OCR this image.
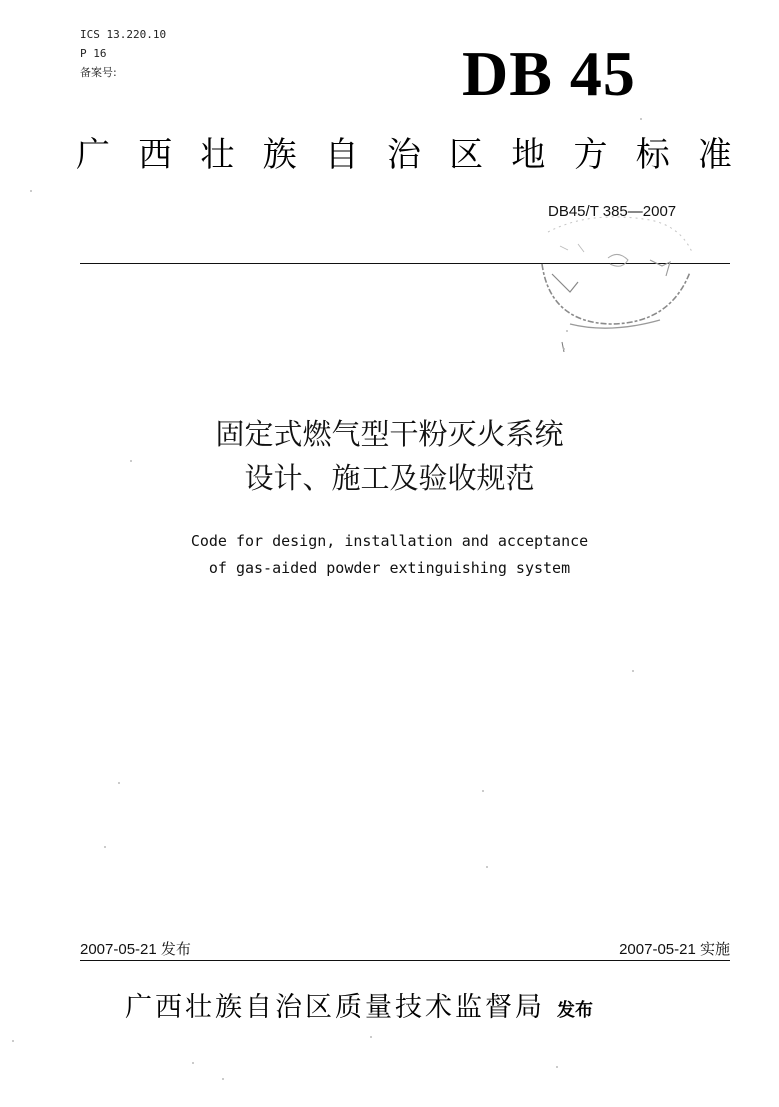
ICS 13.220.10
P 16
备案号:	DB 45
广 西 壮 族 自 治 区 地 方 标 准
DB45/T 385—2007
固定式燃气型干粉灭火系统
设计、施工及验收规范
Code for design, installation and acceptance
of gas-aided powder extinguishing system
2007-05-21 发布	2007-05-21 实施
广西壮族自治区质量技术监督局 发布
